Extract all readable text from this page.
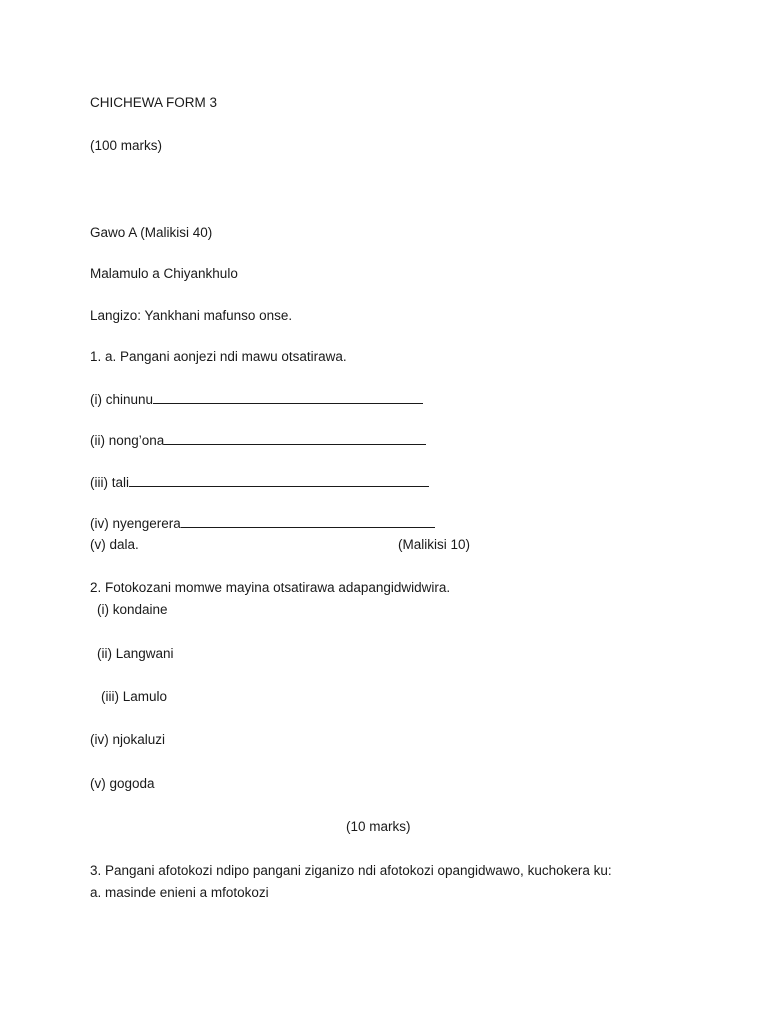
CHICHEWA FORM 3
(100 marks)
Gawo A (Malikisi 40)
Malamulo a Chiyankhulo
Langizo: Yankhani mafunso onse.
1. a. Pangani aonjezi ndi mawu otsatirawa.
(i) chinunu
(ii) nong’ona
(iii) tali
(iv) nyengerera
(v) dala.	(Malikisi 10)
2. Fotokozani momwe mayina otsatirawa adapangidwidwira.
(i) kondaine
(ii) Langwani
(iii) Lamulo
(iv) njokaluzi
(v) gogoda
(10 marks)
3. Pangani afotokozi ndipo pangani ziganizo ndi afotokozi opangidwawo, kuchokera ku:
a. masinde enieni a mfotokozi
